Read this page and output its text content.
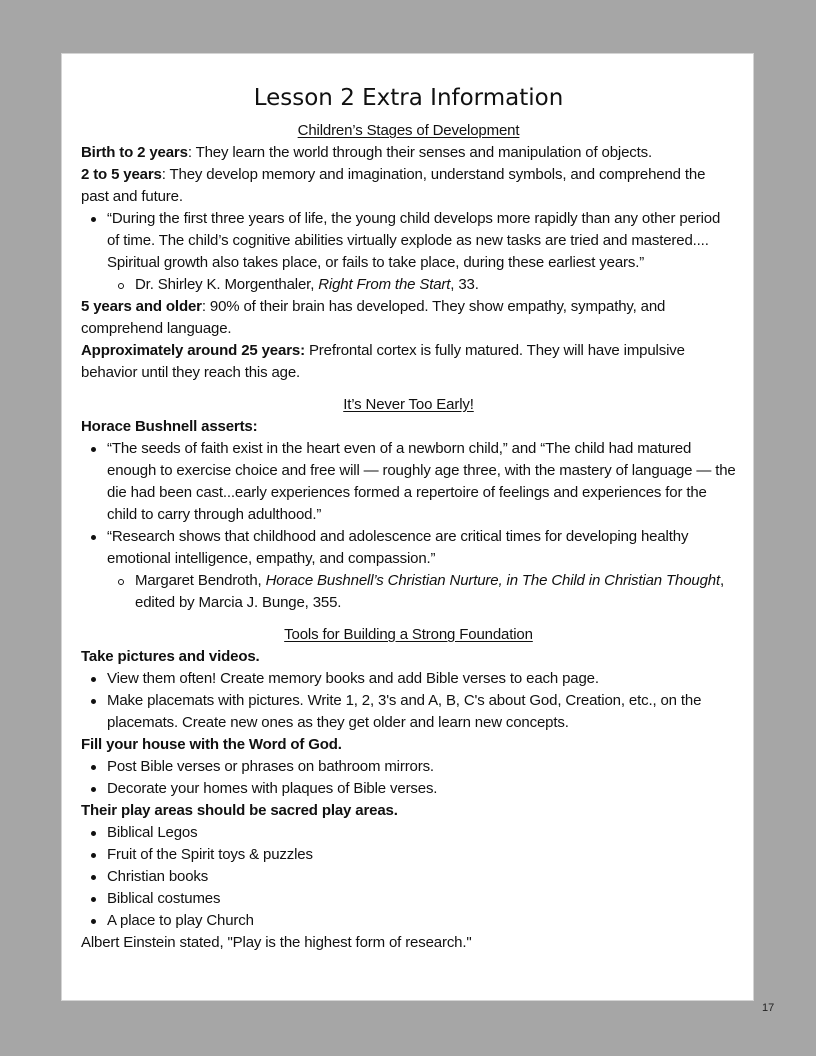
Lesson 2 Extra Information

Children’s Stages of Development

Birth to 2 years: They learn the world through their senses and manipulation of objects.

2 to 5 years: They develop memory and imagination, understand symbols, and comprehend the past and future.

“During the first three years of life, the young child develops more rapidly than any other period of time. The child’s cognitive abilities virtually explode as new tasks are tried and mastered.... Spiritual growth also takes place, or fails to take place, during these earliest years.”
Dr. Shirley K. Morgenthaler, Right From the Start, 33.

5 years and older: 90% of their brain has developed. They show empathy, sympathy, and comprehend language.

Approximately around 25 years: Prefrontal cortex is fully matured. They will have impulsive behavior until they reach this age.

It’s Never Too Early!

Horace Bushnell asserts:

“The seeds of faith exist in the heart even of a newborn child,” and “The child had matured enough to exercise choice and free will — roughly age three, with the mastery of language — the die had been cast...early experiences formed a repertoire of feelings and experiences for the child to carry through adulthood.”
“Research shows that childhood and adolescence are critical times for developing healthy emotional intelligence, empathy, and compassion.”
Margaret Bendroth, Horace Bushnell’s Christian Nurture, in The Child in Christian Thought, edited by Marcia J. Bunge, 355.

Tools for Building a Strong Foundation

Take pictures and videos.

View them often! Create memory books and add Bible verses to each page.
Make placemats with pictures. Write 1, 2, 3's and A, B, C's about God, Creation, etc., on the placemats. Create new ones as they get older and learn new concepts.

Fill your house with the Word of God.

Post Bible verses or phrases on bathroom mirrors.
Decorate your homes with plaques of Bible verses.

Their play areas should be sacred play areas.

Biblical Legos
Fruit of the Spirit toys & puzzles
Christian books
Biblical costumes
A place to play Church

Albert Einstein stated, "Play is the highest form of research."

17
